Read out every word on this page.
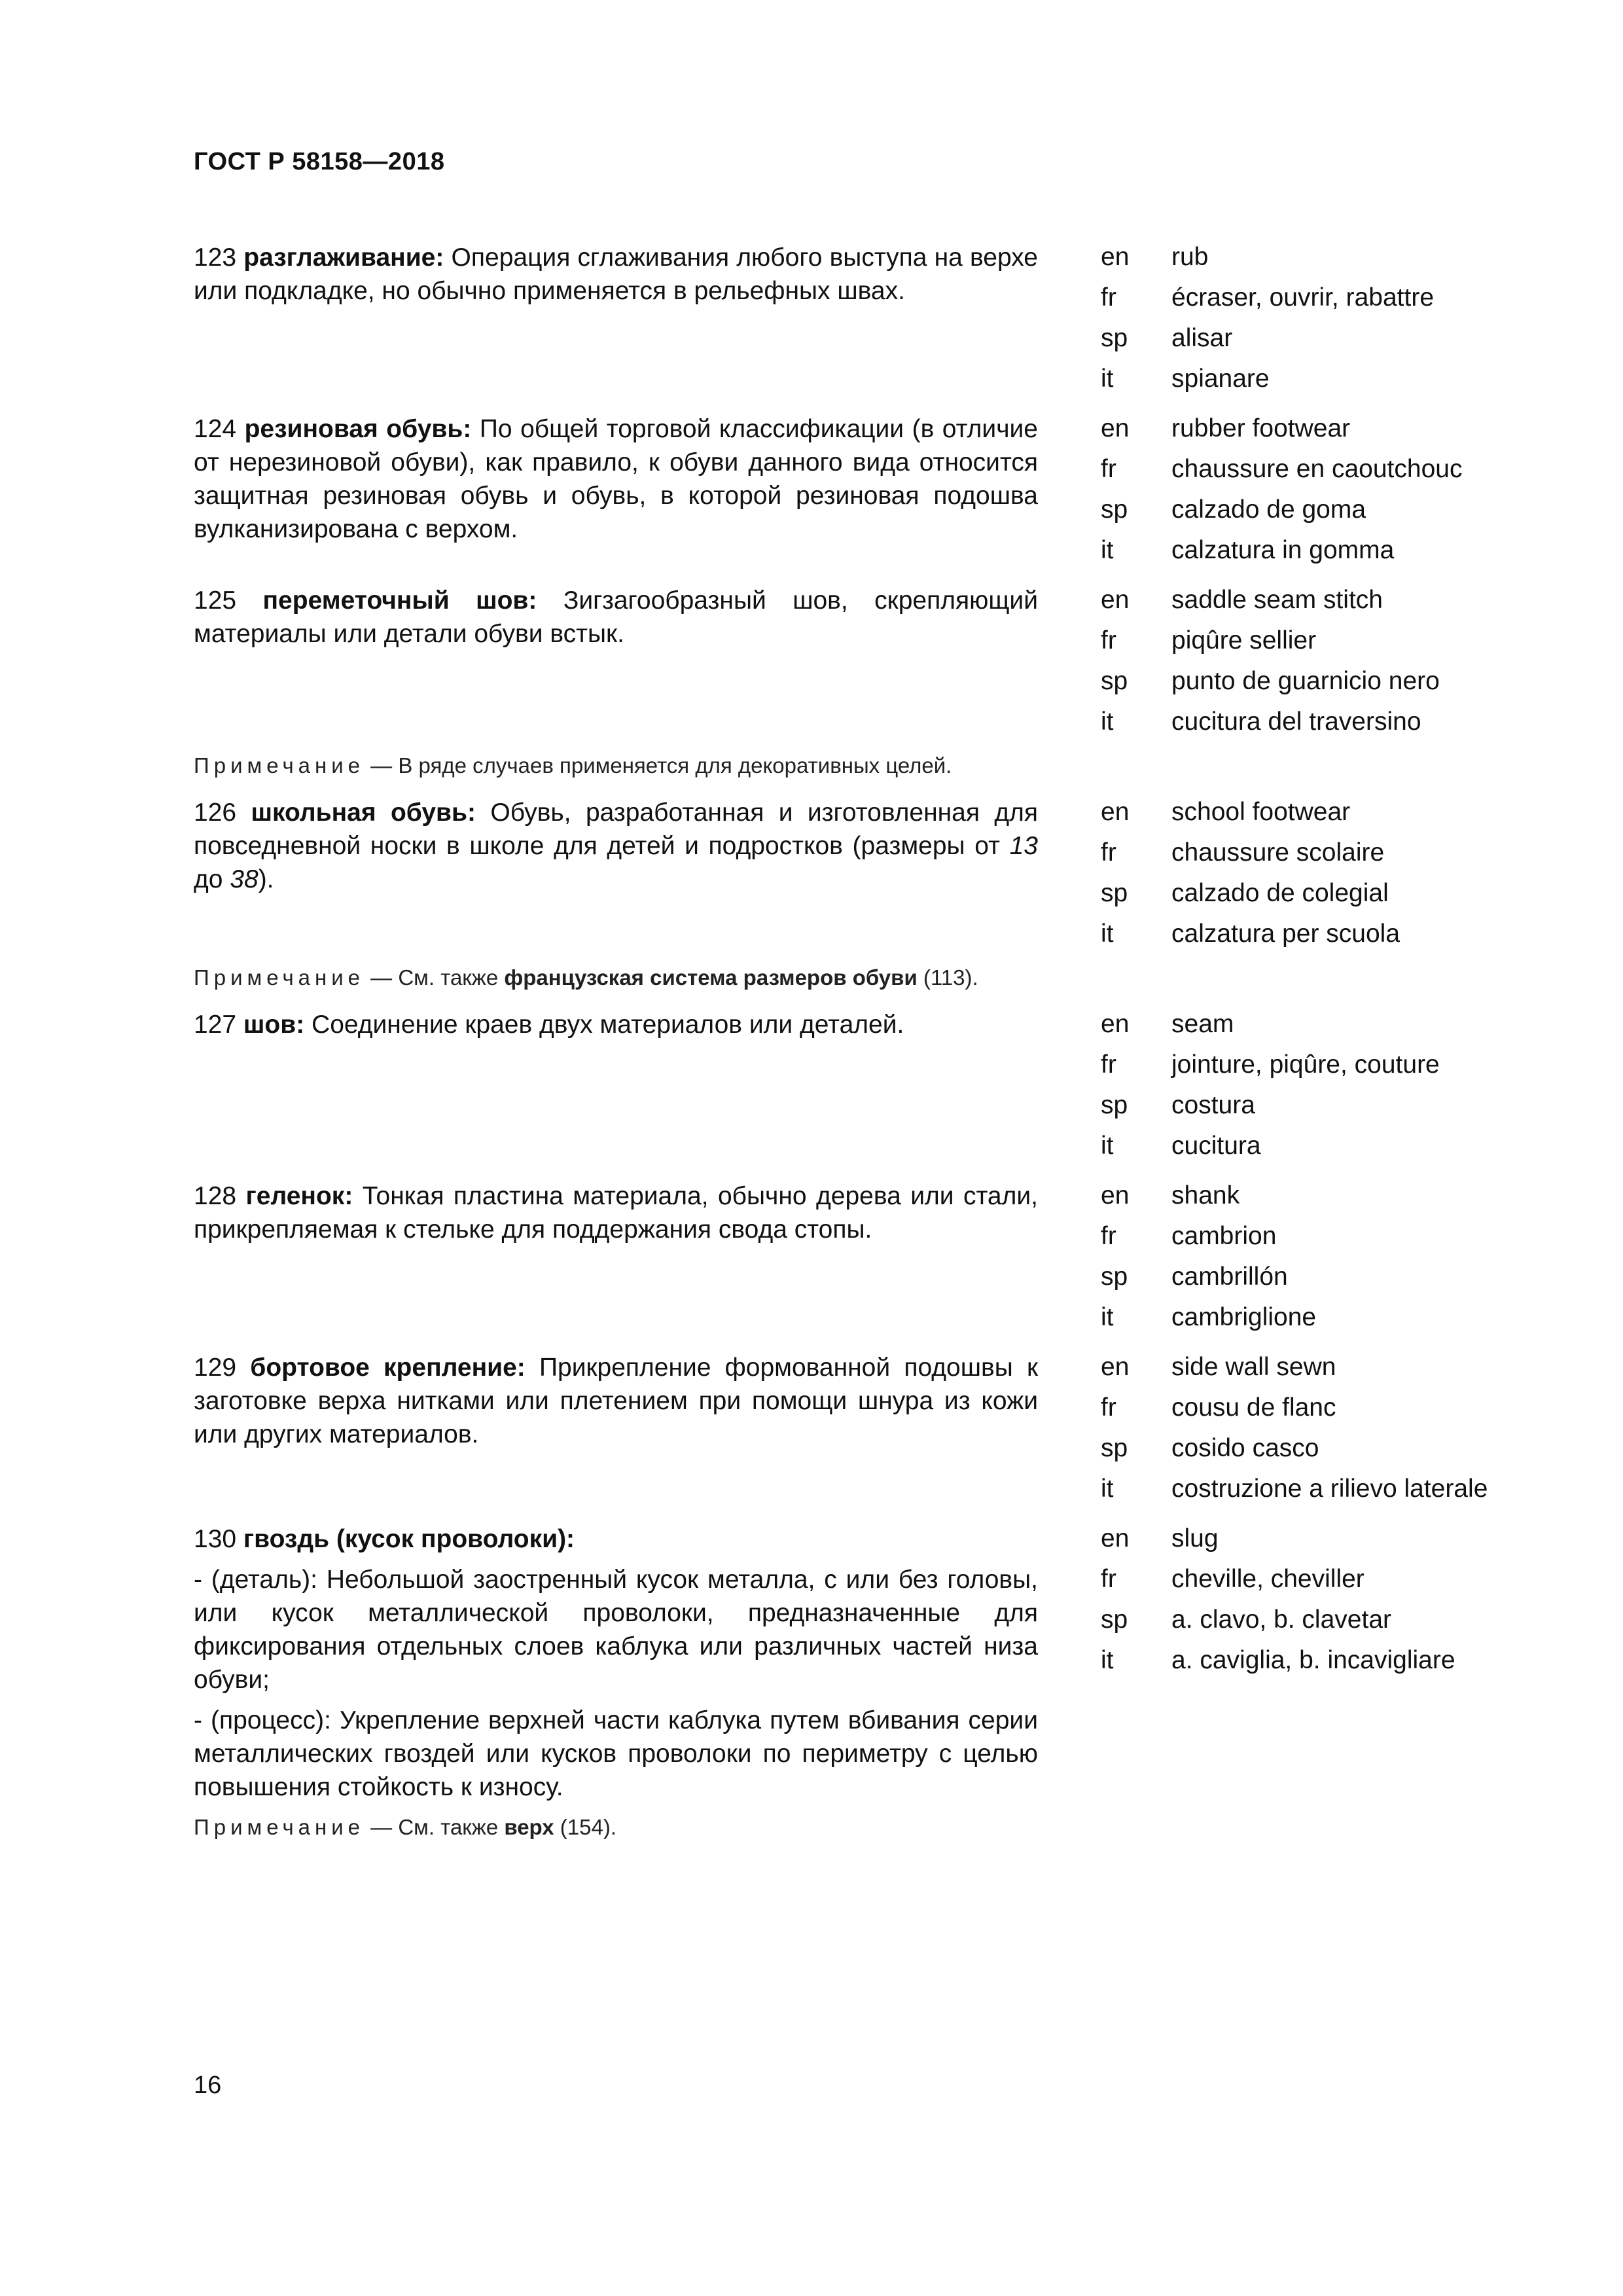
ГОСТ Р 58158—2018

123 разглаживание: Операция сглаживания любого выступа на верхе или подкладке, но обычно применяется в рельефных швах.

en	rub
fr	écraser, ouvrir, rabattre
sp	alisar
it	spianare

124 резиновая обувь: По общей торговой классификации (в отличие от нерезиновой обуви), как правило, к обуви данного вида относится защитная резиновая обувь и обувь, в которой резиновая подошва вулканизирована с верхом.

en	rubber footwear
fr	chaussure en caoutchouc
sp	calzado de goma
it	calzatura in gomma

125 переметочный шов: Зигзагообразный шов, скрепляющий материалы или детали обуви встык.

en	saddle seam stitch
fr	piqûre sellier
sp	punto de guarnicio nero
it	cucitura del traversino
Примечание — В ряде случаев применяется для декоративных целей.

126 школьная обувь: Обувь, разработанная и изготовленная для повседневной носки в школе для детей и подростков (размеры от 13 до 38).

en	school footwear
fr	chaussure scolaire
sp	calzado de colegial
it	calzatura per scuola
Примечание — См. также французская система размеров обуви (113).

127 шов: Соединение краев двух материалов или деталей.	en	seam
fr	jointure, piqûre, couture
sp	costura
it	cucitura

128 геленок: Тонкая пластина материала, обычно дерева или стали, прикрепляемая к стельке для поддержания свода стопы.

en	shank
fr	cambrion
sp	cambrillón
it	cambriglione

129 бортовое крепление: Прикрепление формованной подошвы к заготовке верха нитками или плетением при помощи шнура из кожи или других материалов.

en	side wall sewn
fr	cousu de flanc
sp	cosido casco
it	costruzione a rilievo laterale

130 гвоздь (кусок проволоки):

- (деталь): Небольшой заостренный кусок металла, с или без головы, или кусок металлической проволоки, предназначенные для фиксирования отдельных слоев каблука или различных частей низа обуви;

- (процесс): Укрепление верхней части каблука путем вбивания серии металлических гвоздей или кусков проволоки по периметру с целью повышения стойкость к износу.

en	slug
fr	cheville, cheviller
sp	a. clavo, b. clavetar
it	a. caviglia, b. incavigliare
Примечание — См. также верх (154).
16
